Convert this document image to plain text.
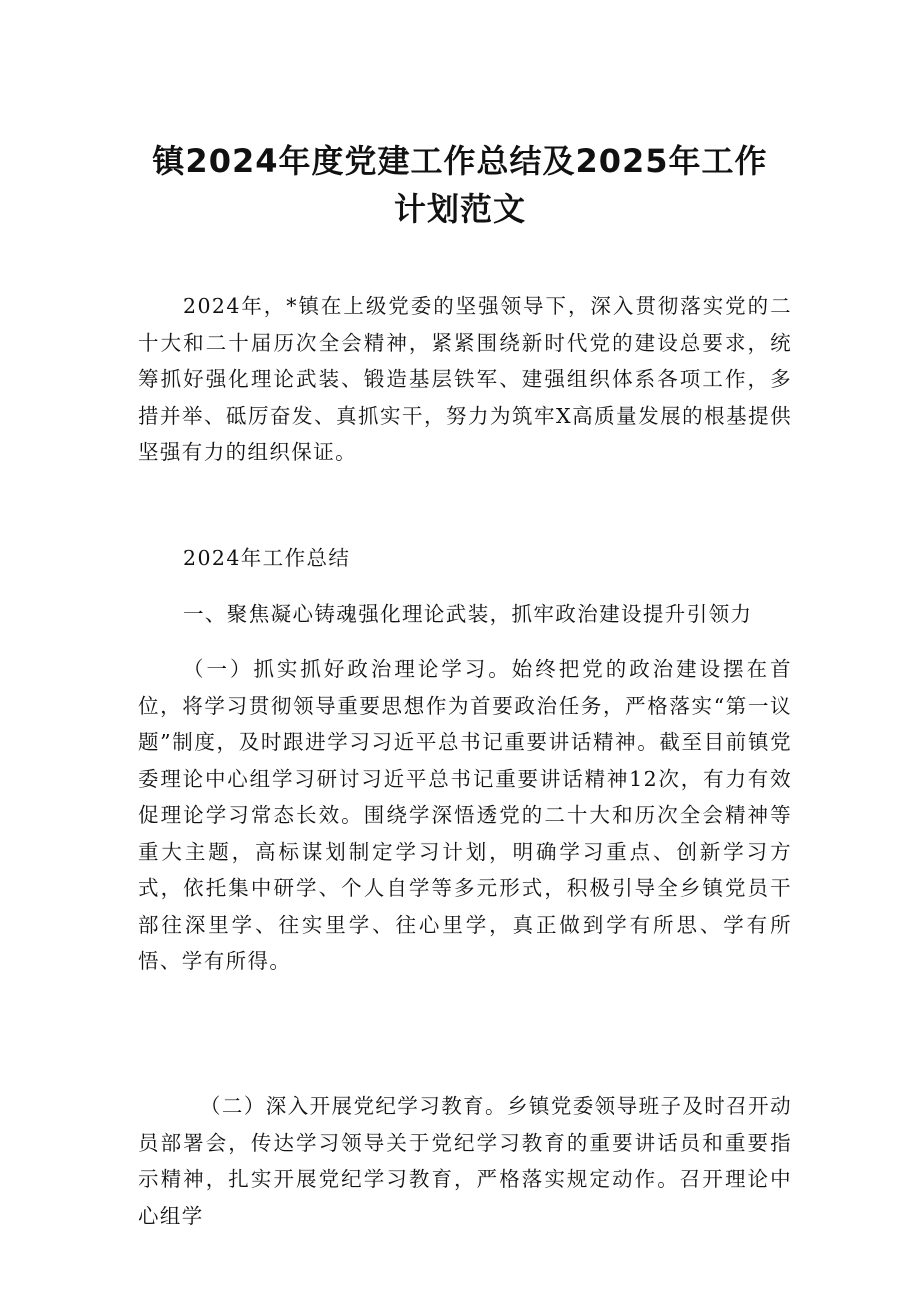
镇2024年度党建工作总结及2025年工作
计划范文
2024年，*镇在上级党委的坚强领导下，深入贯彻落实党的二十大和二十届历次全会精神，紧紧围绕新时代党的建设总要求，统筹抓好强化理论武装、锻造基层铁军、建强组织体系各项工作，多措并举、砥厉奋发、真抓实干，努力为筑牢X高质量发展的根基提供坚强有力的组织保证。
2024年工作总结
一、聚焦凝心铸魂强化理论武装，抓牢政治建设提升引领力
（一）抓实抓好政治理论学习。始终把党的政治建设摆在首位，将学习贯彻领导重要思想作为首要政治任务，严格落实“第一议题”制度，及时跟进学习习近平总书记重要讲话精神。截至目前镇党委理论中心组学习研讨习近平总书记重要讲话精神12次，有力有效促理论学习常态长效。围绕学深悟透党的二十大和历次全会精神等重大主题，高标谋划制定学习计划，明确学习重点、创新学习方式，依托集中研学、个人自学等多元形式，积极引导全乡镇党员干部往深里学、往实里学、往心里学，真正做到学有所思、学有所悟、学有所得。
（二）深入开展党纪学习教育。乡镇党委领导班子及时召开动员部署会，传达学习领导关于党纪学习教育的重要讲话员和重要指示精神，扎实开展党纪学习教育，严格落实规定动作。召开理论中心组学
